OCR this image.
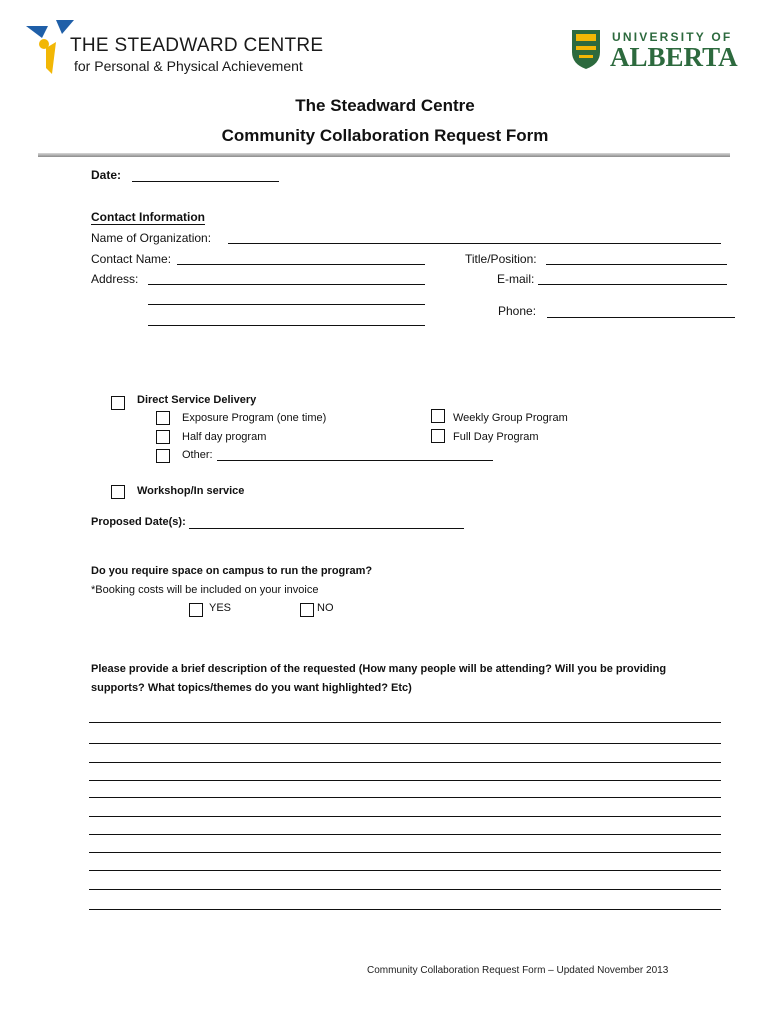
THE STEADWARD CENTRE
for Personal & Physical Achievement
UNIVERSITY OF
ALBERTA
The Steadward Centre
Community Collaboration Request Form
Date:
Contact Information
Name of Organization:
Contact Name:	Title/Position:
Address:	E-mail:
Phone:
Direct Service Delivery
Exposure Program (one time)
Half day program
Other:
Weekly Group Program
Full Day Program
Workshop/In service
Proposed Date(s):
Do you require space on campus to run the program?
*Booking costs will be included on your invoice
YES	NO
Please provide a brief description of the requested (How many people will be attending? Will you be providing
supports? What topics/themes do you want highlighted? Etc)
Community Collaboration Request Form – Updated November 2013
